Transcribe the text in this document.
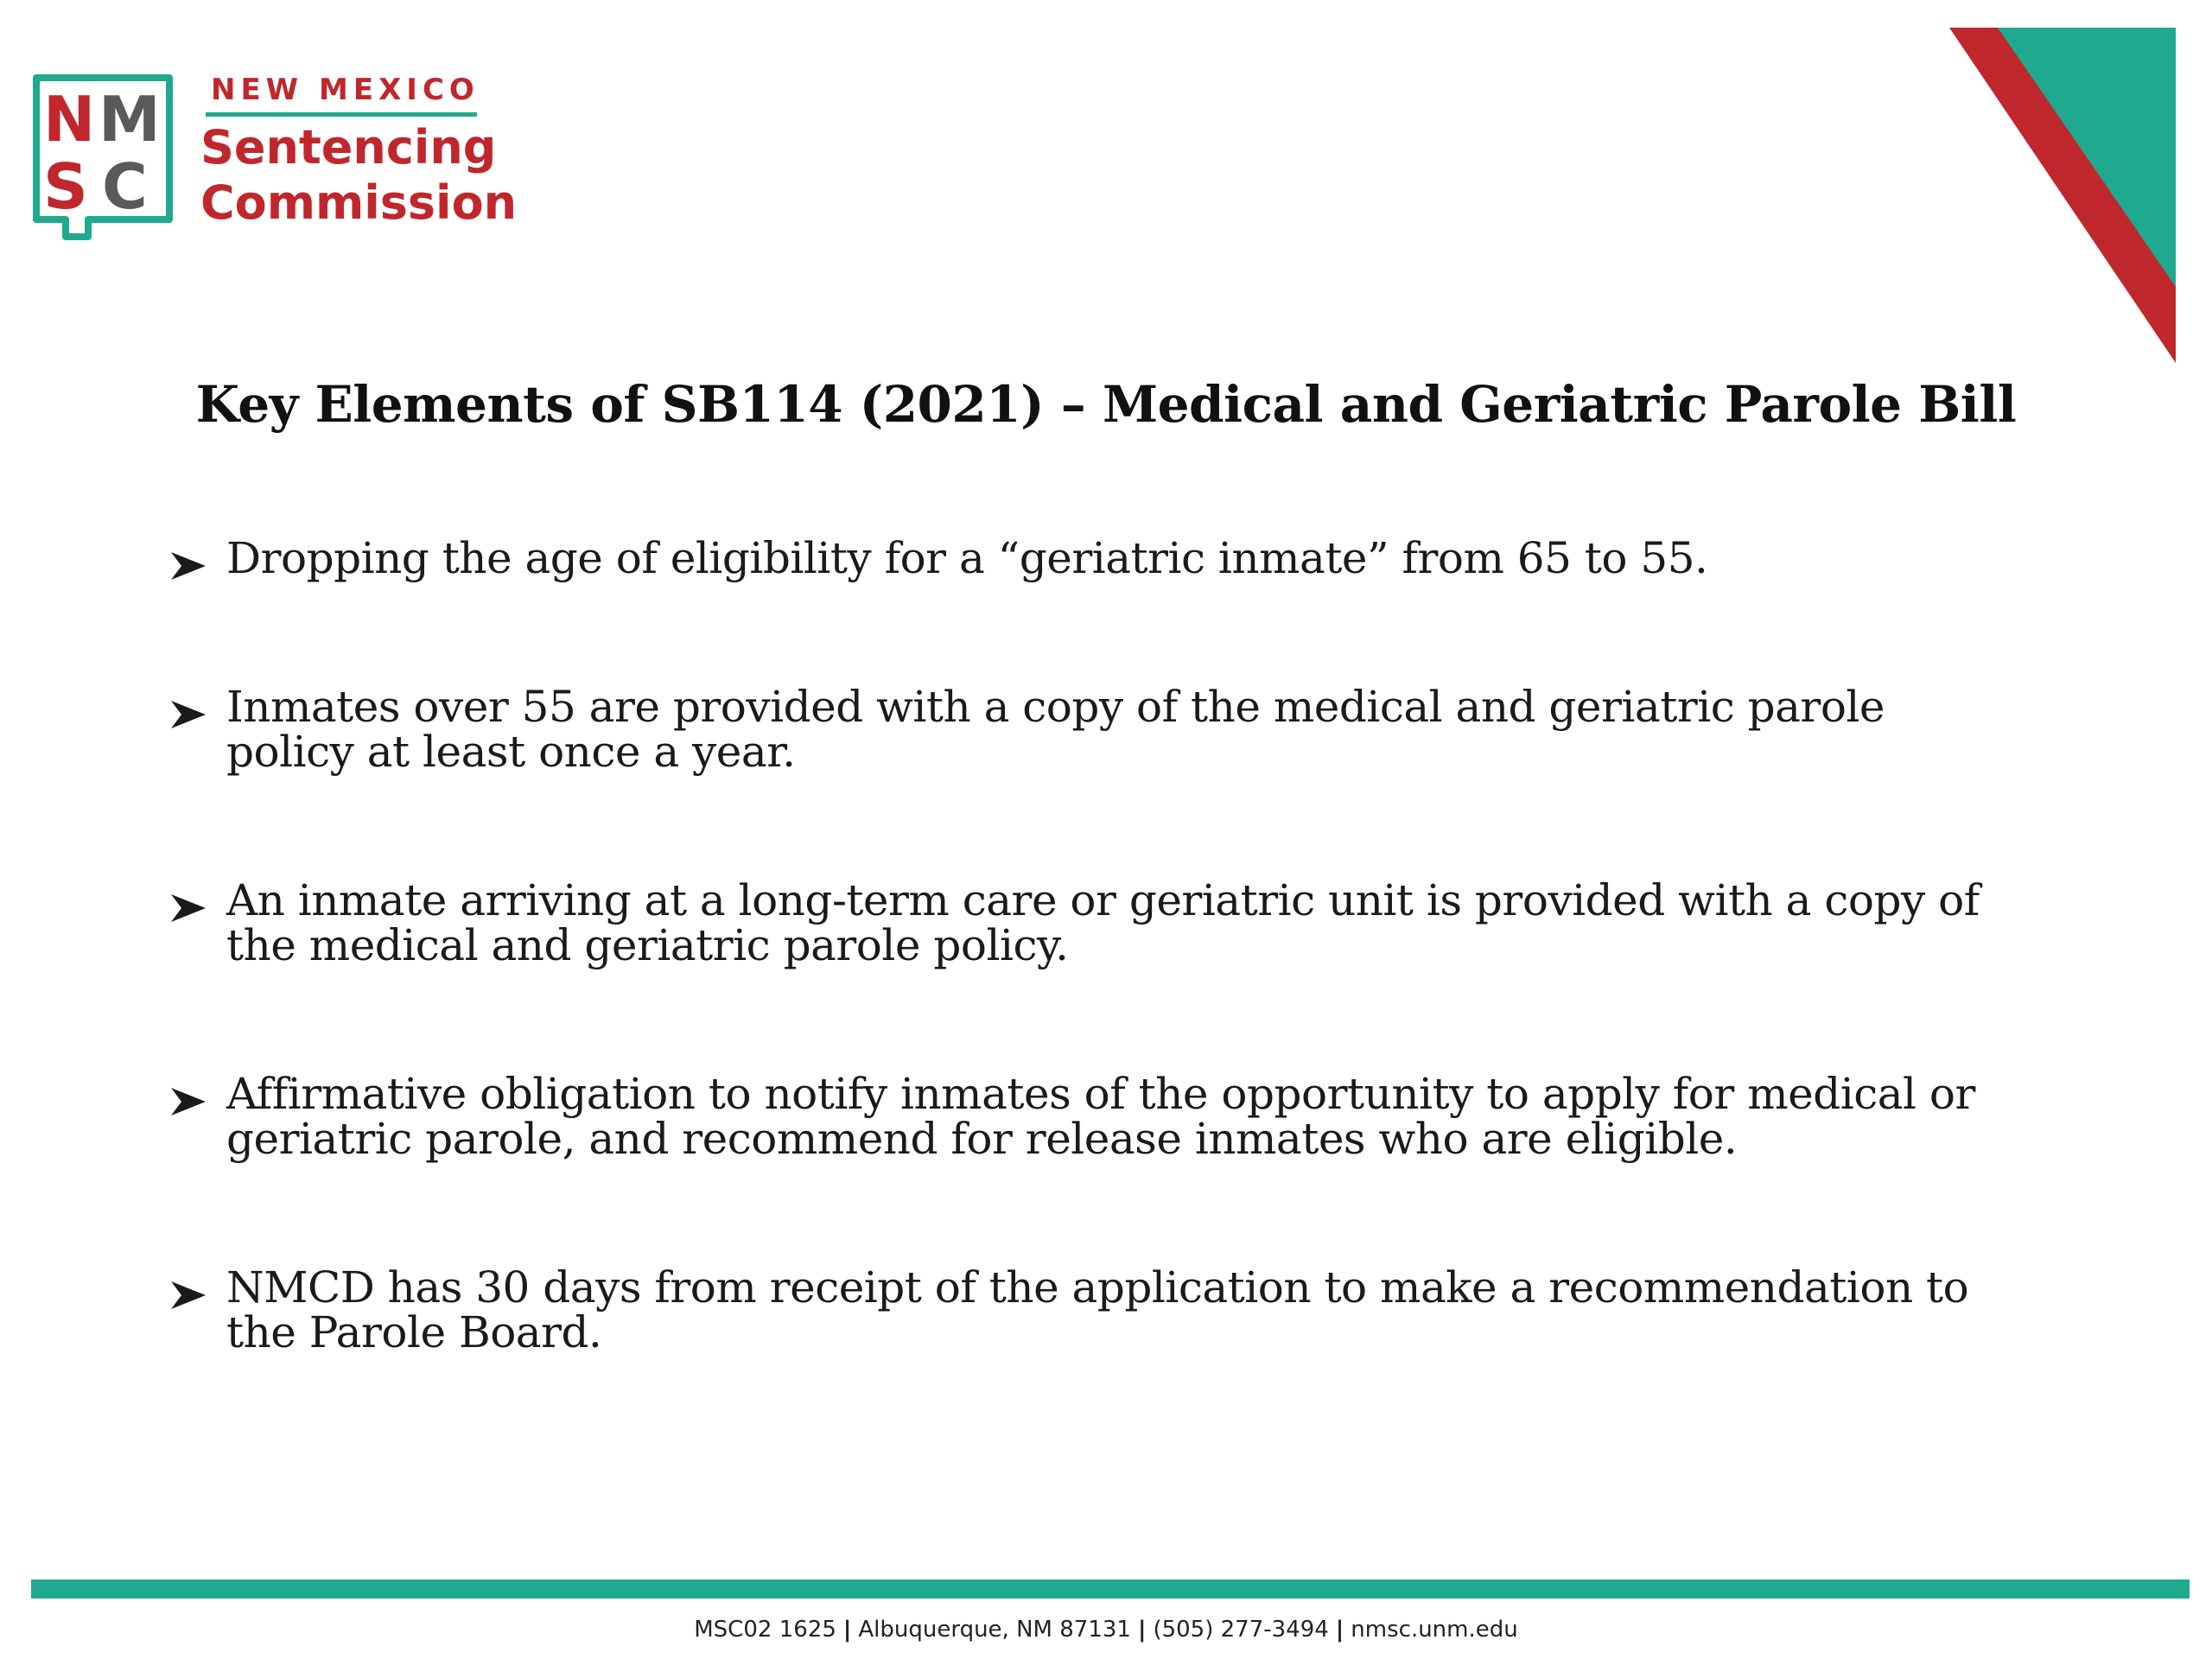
N M
S C
NEW MEXICO
Sentencing
Commission
Key Elements of SB114 (2021) – Medical and Geriatric Parole Bill
Dropping the age of eligibility for a “geriatric inmate” from 65 to 55.
Inmates over 55 are provided with a copy of the medical and geriatric parole policy at least once a year.
An inmate arriving at a long-term care or geriatric unit is provided with a copy of the medical and geriatric parole policy.
Affirmative obligation to notify inmates of the opportunity to apply for medical or geriatric parole, and recommend for release inmates who are eligible.
NMCD has 30 days from receipt of the application to make a recommendation to the Parole Board.
MSC02 1625 | Albuquerque, NM 87131 | (505) 277-3494 | nmsc.unm.edu
